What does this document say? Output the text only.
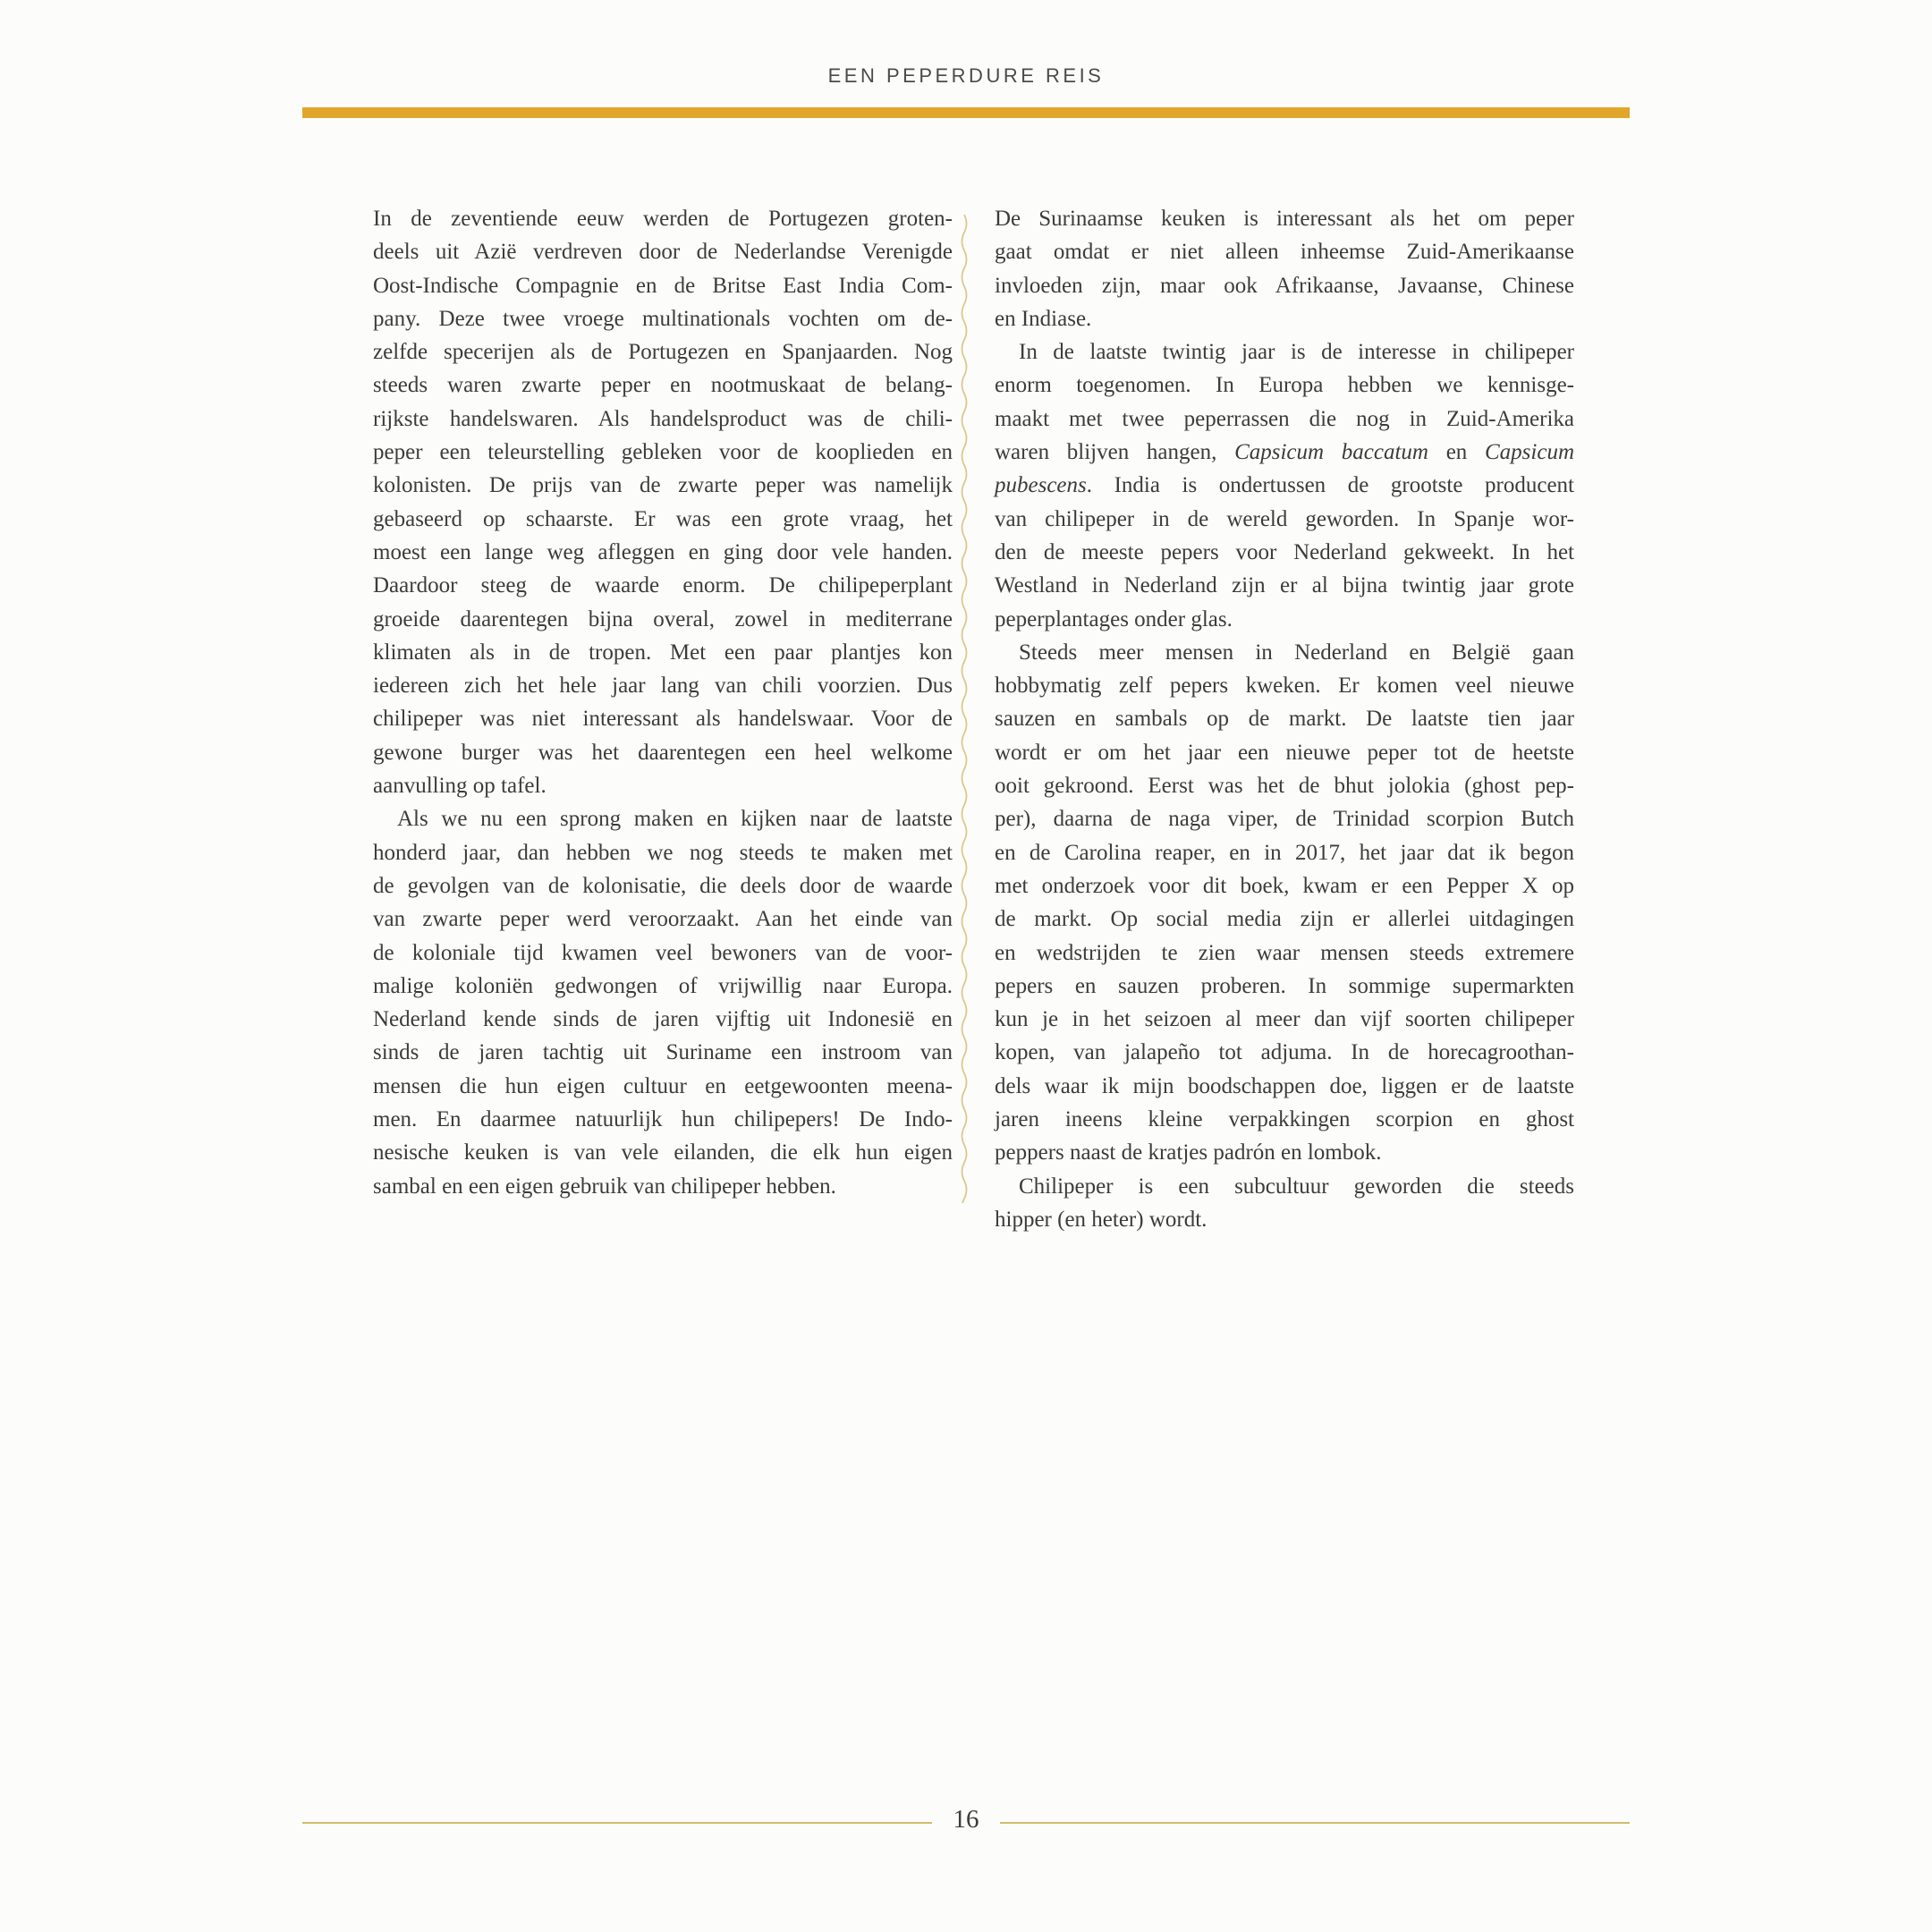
EEN PEPERDURE REIS
In de zeventiende eeuw werden de Portugezen groten-
deels uit Azië verdreven door de Nederlandse Verenigde
Oost-Indische Compagnie en de Britse East India Com-
pany. Deze twee vroege multinationals vochten om de-
zelfde specerijen als de Portugezen en Spanjaarden. Nog
steeds waren zwarte peper en nootmuskaat de belang-
rijkste handelswaren. Als handelsproduct was de chili-
peper een teleurstelling gebleken voor de kooplieden en
kolonisten. De prijs van de zwarte peper was namelijk
gebaseerd op schaarste. Er was een grote vraag, het
moest een lange weg afleggen en ging door vele handen.
Daardoor steeg de waarde enorm. De chilipeperplant
groeide daarentegen bijna overal, zowel in mediterrane
klimaten als in de tropen. Met een paar plantjes kon
iedereen zich het hele jaar lang van chili voorzien. Dus
chilipeper was niet interessant als handelswaar. Voor de
gewone burger was het daarentegen een heel welkome
aanvulling op tafel.
Als we nu een sprong maken en kijken naar de laatste
honderd jaar, dan hebben we nog steeds te maken met
de gevolgen van de kolonisatie, die deels door de waarde
van zwarte peper werd veroorzaakt. Aan het einde van
de koloniale tijd kwamen veel bewoners van de voor-
malige koloniën gedwongen of vrijwillig naar Europa.
Nederland kende sinds de jaren vijftig uit Indonesië en
sinds de jaren tachtig uit Suriname een instroom van
mensen die hun eigen cultuur en eetgewoonten meena-
men. En daarmee natuurlijk hun chilipepers! De Indo-
nesische keuken is van vele eilanden, die elk hun eigen
sambal en een eigen gebruik van chilipeper hebben.
De Surinaamse keuken is interessant als het om peper
gaat omdat er niet alleen inheemse Zuid-Amerikaanse
invloeden zijn, maar ook Afrikaanse, Javaanse, Chinese
en Indiase.
In de laatste twintig jaar is de interesse in chilipeper
enorm toegenomen. In Europa hebben we kennisge-
maakt met twee peperrassen die nog in Zuid-Amerika
waren blijven hangen, Capsicum baccatum en Capsicum
pubescens. India is ondertussen de grootste producent
van chilipeper in de wereld geworden. In Spanje wor-
den de meeste pepers voor Nederland gekweekt. In het
Westland in Nederland zijn er al bijna twintig jaar grote
peperplantages onder glas.
Steeds meer mensen in Nederland en België gaan
hobbymatig zelf pepers kweken. Er komen veel nieuwe
sauzen en sambals op de markt. De laatste tien jaar
wordt er om het jaar een nieuwe peper tot de heetste
ooit gekroond. Eerst was het de bhut jolokia (ghost pep-
per), daarna de naga viper, de Trinidad scorpion Butch
en de Carolina reaper, en in 2017, het jaar dat ik begon
met onderzoek voor dit boek, kwam er een Pepper X op
de markt. Op social media zijn er allerlei uitdagingen
en wedstrijden te zien waar mensen steeds extremere
pepers en sauzen proberen. In sommige supermarkten
kun je in het seizoen al meer dan vijf soorten chilipeper
kopen, van jalapeño tot adjuma. In de horecagroothan-
dels waar ik mijn boodschappen doe, liggen er de laatste
jaren ineens kleine verpakkingen scorpion en ghost
peppers naast de kratjes padrón en lombok.
Chilipeper is een subcultuur geworden die steeds
hipper (en heter) wordt.
16
